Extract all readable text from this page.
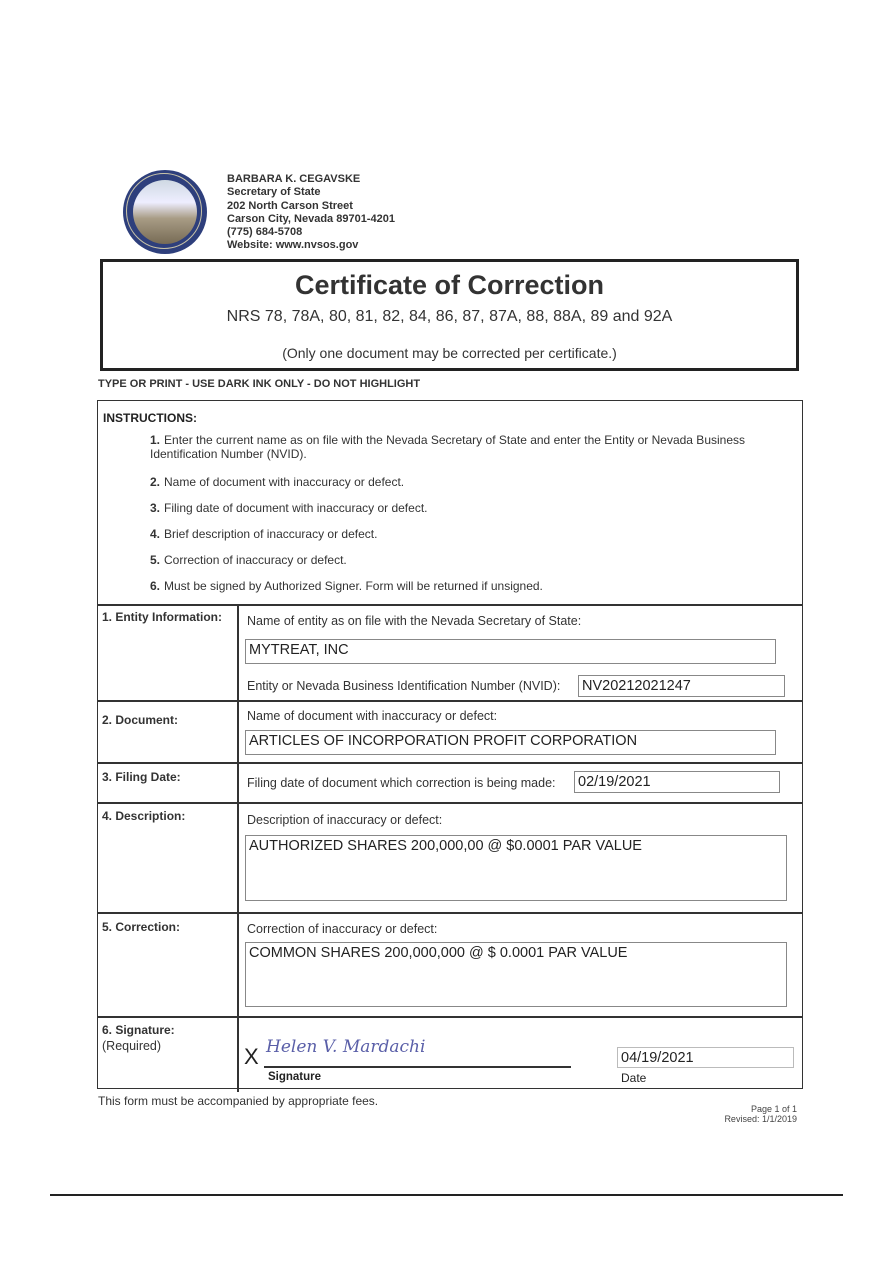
BARBARA K. CEGAVSKE
Secretary of State
202 North Carson Street
Carson City, Nevada 89701-4201
(775) 684-5708
Website: www.nvsos.gov
Certificate of Correction
NRS 78, 78A, 80, 81, 82, 84, 86, 87, 87A, 88, 88A, 89 and 92A
(Only one document may be corrected per certificate.)
TYPE OR PRINT - USE DARK INK ONLY - DO NOT HIGHLIGHT
INSTRUCTIONS:
1. Enter the current name as on file with the Nevada Secretary of State and enter the Entity or Nevada Business Identification Number (NVID).
2. Name of document with inaccuracy or defect.
3. Filing date of document with inaccuracy or defect.
4. Brief description of inaccuracy or defect.
5. Correction of inaccuracy or defect.
6. Must be signed by Authorized Signer. Form will be returned if unsigned.
1. Entity Information: Name of entity as on file with the Nevada Secretary of State:
MYTREAT, INC
Entity or Nevada Business Identification Number (NVID): NV20212021247
2. Document:	Name of document with inaccuracy or defect:
ARTICLES OF INCORPORATION PROFIT CORPORATION
3. Filing Date:	Filing date of document which correction is being made: 02/19/2021
4. Description:	Description of inaccuracy or defect:
AUTHORIZED SHARES 200,000,00 @ $0.0001 PAR VALUE
5. Correction:	Correction of inaccuracy or defect:
COMMON SHARES 200,000,000 @ $ 0.0001 PAR VALUE
6. Signature:
(Required)	X Helen V. Mardachi
Signature
04/19/2021
Date
This form must be accompanied by appropriate fees.
Page 1 of 1
Revised: 1/1/2019
